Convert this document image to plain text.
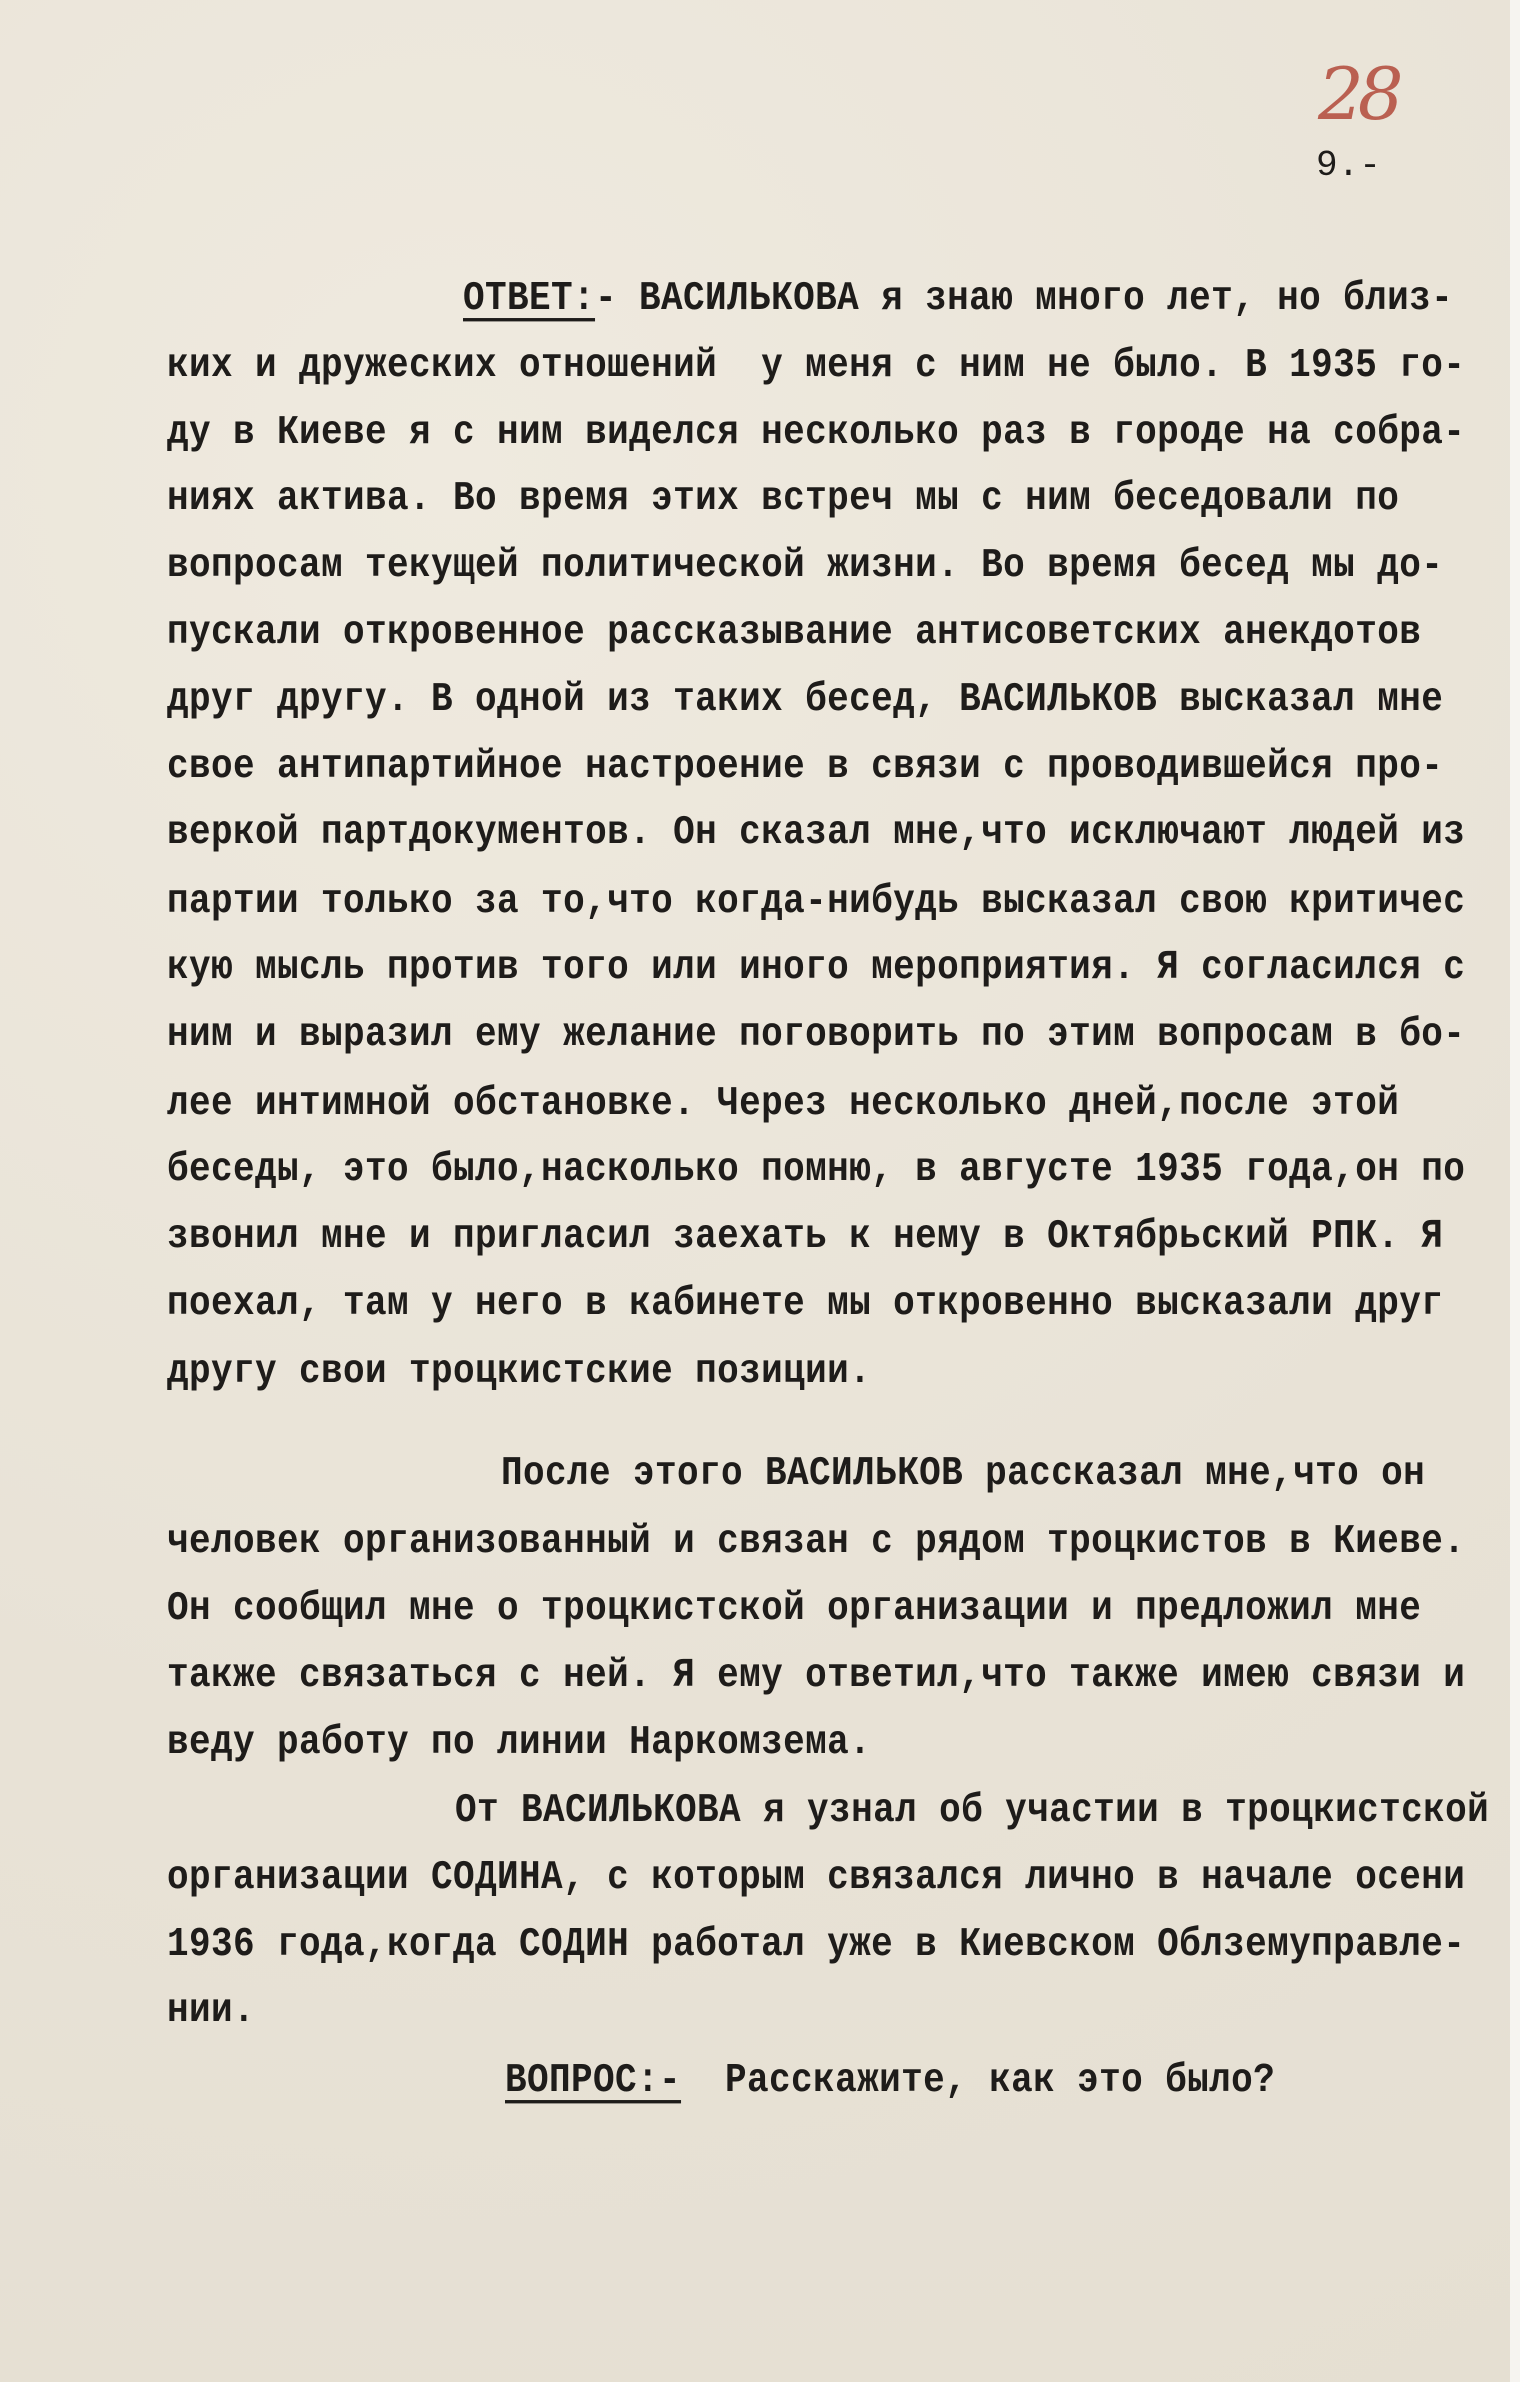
28
9.-
ОТВЕТ:- ВАСИЛЬКОВА я знаю много лет, но близ-
ких и дружеских отношений  у меня с ним не было. В 1935 го-
ду в Киеве я с ним виделся несколько раз в городе на собра-
ниях актива. Во время этих встреч мы с ним беседовали по
вопросам текущей политической жизни. Во время бесед мы до-
пускали откровенное рассказывание антисоветских анекдотов
друг другу. В одной из таких бесед, ВАСИЛЬКОВ высказал мне
свое антипартийное настроение в связи с проводившейся про-
веркой партдокументов. Он сказал мне,что исключают людей из
партии только за то,что когда-нибудь высказал свою критичес
кую мысль против того или иного мероприятия. Я согласился с
ним и выразил ему желание поговорить по этим вопросам в бо-
лее интимной обстановке. Через несколько дней,после этой
беседы, это было,насколько помню, в августе 1935 года,он по
звонил мне и пригласил заехать к нему в Октябрьский РПК. Я
поехал, там у него в кабинете мы откровенно высказали друг
другу свои троцкистские позиции.
После этого ВАСИЛЬКОВ рассказал мне,что он
человек организованный и связан с рядом троцкистов в Киеве.
Он сообщил мне о троцкистской организации и предложил мне
также связаться с ней. Я ему ответил,что также имею связи и
веду работу по линии Наркомзема.
От ВАСИЛЬКОВА я узнал об участии в троцкистской
организации СОДИНА, с которым связался лично в начале осени
1936 года,когда СОДИН работал уже в Киевском Облземуправле-
нии.
ВОПРОС:- Расскажите, как это было?
